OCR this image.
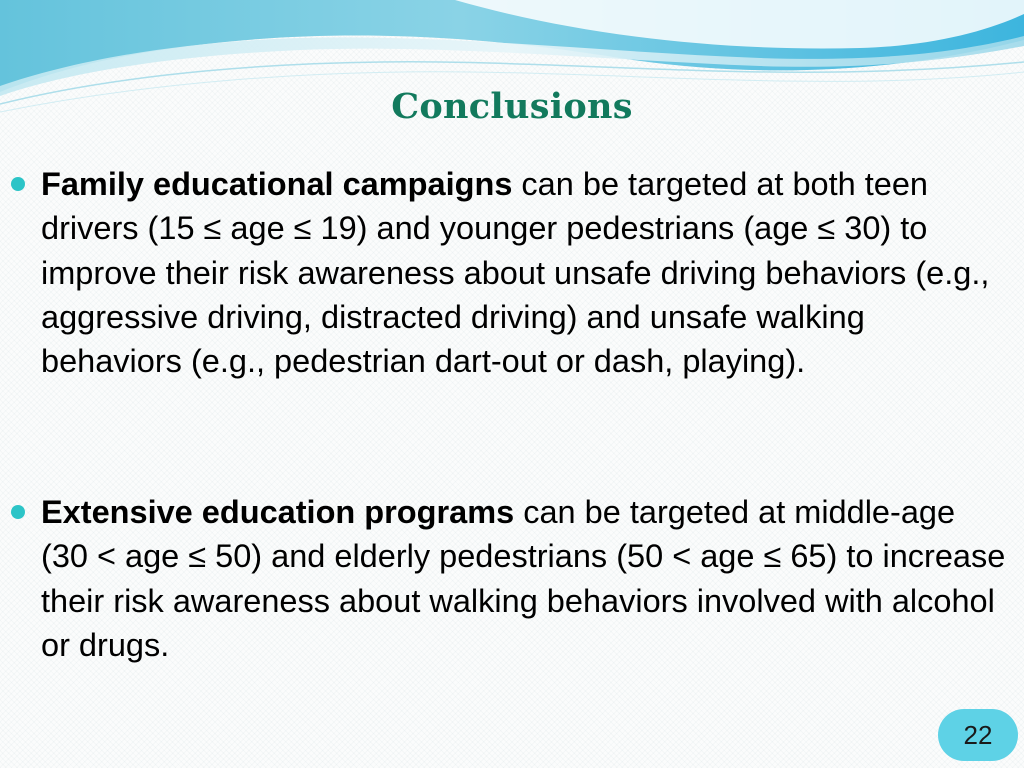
Conclusions

Family educational campaigns can be targeted at both teen drivers (15 ≤ age ≤ 19) and younger pedestrians (age ≤ 30) to improve their risk awareness about unsafe driving behaviors (e.g., aggressive driving, distracted driving) and unsafe walking behaviors (e.g., pedestrian dart-out or dash, playing).

Extensive education programs can be targeted at middle-age (30 < age ≤ 50) and elderly pedestrians (50 < age ≤ 65) to increase their risk awareness about walking behaviors involved with alcohol or drugs.

22
